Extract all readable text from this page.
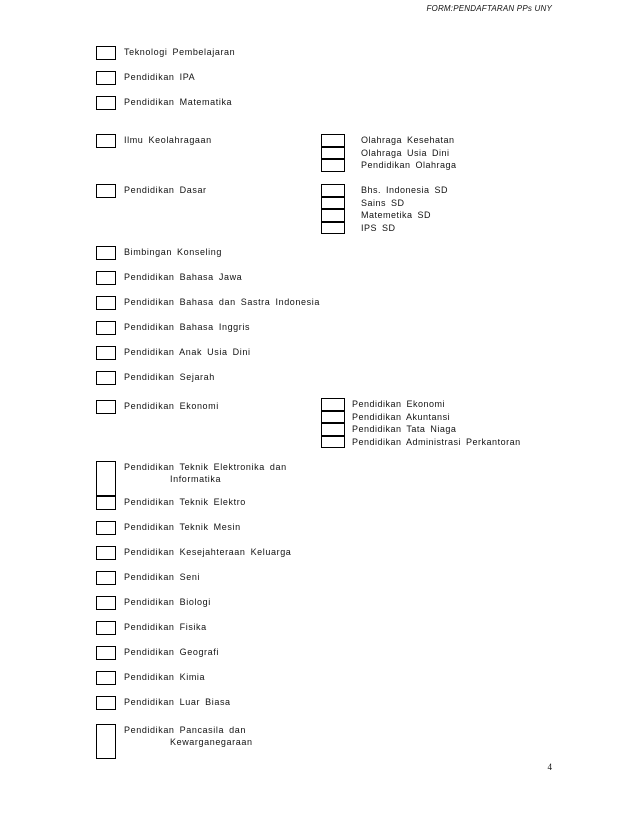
FORM:PENDAFTARAN PPs UNY
Teknologi Pembelajaran
Pendidikan IPA
Pendidikan Matematika
Ilmu Keolahragaan	Olahraga Kesehatan
Olahraga Usia Dini
Pendidikan Olahraga
Pendidikan Dasar	Bhs. Indonesia SD
Sains SD
Matemetika SD
IPS SD
Bimbingan Konseling
Pendidikan Bahasa Jawa
Pendidikan Bahasa dan Sastra Indonesia
Pendidikan Bahasa Inggris
Pendidikan Anak Usia Dini
Pendidikan Sejarah
Pendidikan Ekonomi	Pendidikan Ekonomi
Pendidikan Akuntansi
Pendidikan Tata Niaga
Pendidikan Administrasi Perkantoran
Pendidikan Teknik Elektronika dan
Informatika
Pendidikan Teknik Elektro
Pendidikan Teknik Mesin
Pendidikan Kesejahteraan Keluarga
Pendidikan Seni
Pendidikan Biologi
Pendidikan Fisika
Pendidikan Geografi
Pendidikan Kimia
Pendidikan Luar Biasa
Pendidikan Pancasila dan
Kewarganegaraan
4
